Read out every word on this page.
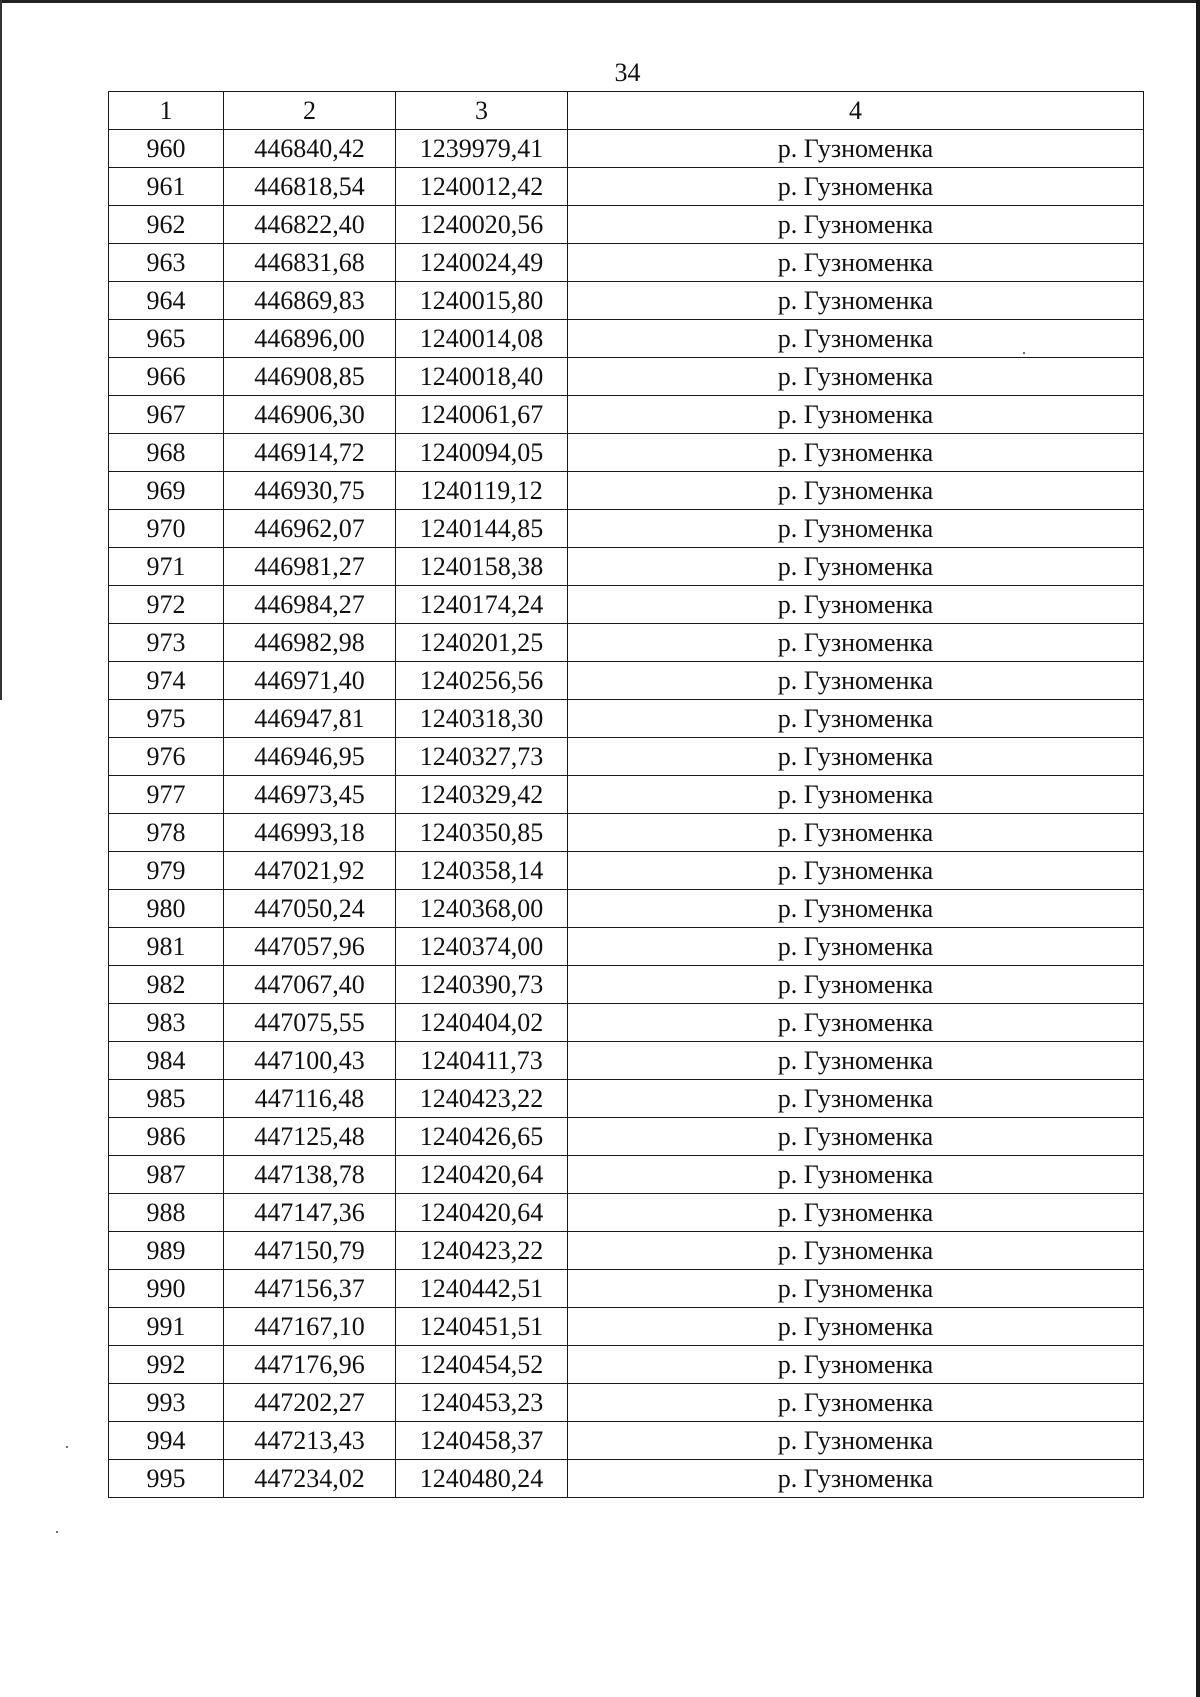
34
1	2	3	4
960	446840,42	1239979,41	р. Гузноменка
961	446818,54	1240012,42	р. Гузноменка
962	446822,40	1240020,56	р. Гузноменка
963	446831,68	1240024,49	р. Гузноменка
964	446869,83	1240015,80	р. Гузноменка
965	446896,00	1240014,08	р. Гузноменка
966	446908,85	1240018,40	р. Гузноменка
967	446906,30	1240061,67	р. Гузноменка
968	446914,72	1240094,05	р. Гузноменка
969	446930,75	1240119,12	р. Гузноменка
970	446962,07	1240144,85	р. Гузноменка
971	446981,27	1240158,38	р. Гузноменка
972	446984,27	1240174,24	р. Гузноменка
973	446982,98	1240201,25	р. Гузноменка
974	446971,40	1240256,56	р. Гузноменка
975	446947,81	1240318,30	р. Гузноменка
976	446946,95	1240327,73	р. Гузноменка
977	446973,45	1240329,42	р. Гузноменка
978	446993,18	1240350,85	р. Гузноменка
979	447021,92	1240358,14	р. Гузноменка
980	447050,24	1240368,00	р. Гузноменка
981	447057,96	1240374,00	р. Гузноменка
982	447067,40	1240390,73	р. Гузноменка
983	447075,55	1240404,02	р. Гузноменка
984	447100,43	1240411,73	р. Гузноменка
985	447116,48	1240423,22	р. Гузноменка
986	447125,48	1240426,65	р. Гузноменка
987	447138,78	1240420,64	р. Гузноменка
988	447147,36	1240420,64	р. Гузноменка
989	447150,79	1240423,22	р. Гузноменка
990	447156,37	1240442,51	р. Гузноменка
991	447167,10	1240451,51	р. Гузноменка
992	447176,96	1240454,52	р. Гузноменка
993	447202,27	1240453,23	р. Гузноменка
994	447213,43	1240458,37	р. Гузноменка
995	447234,02	1240480,24	р. Гузноменка
